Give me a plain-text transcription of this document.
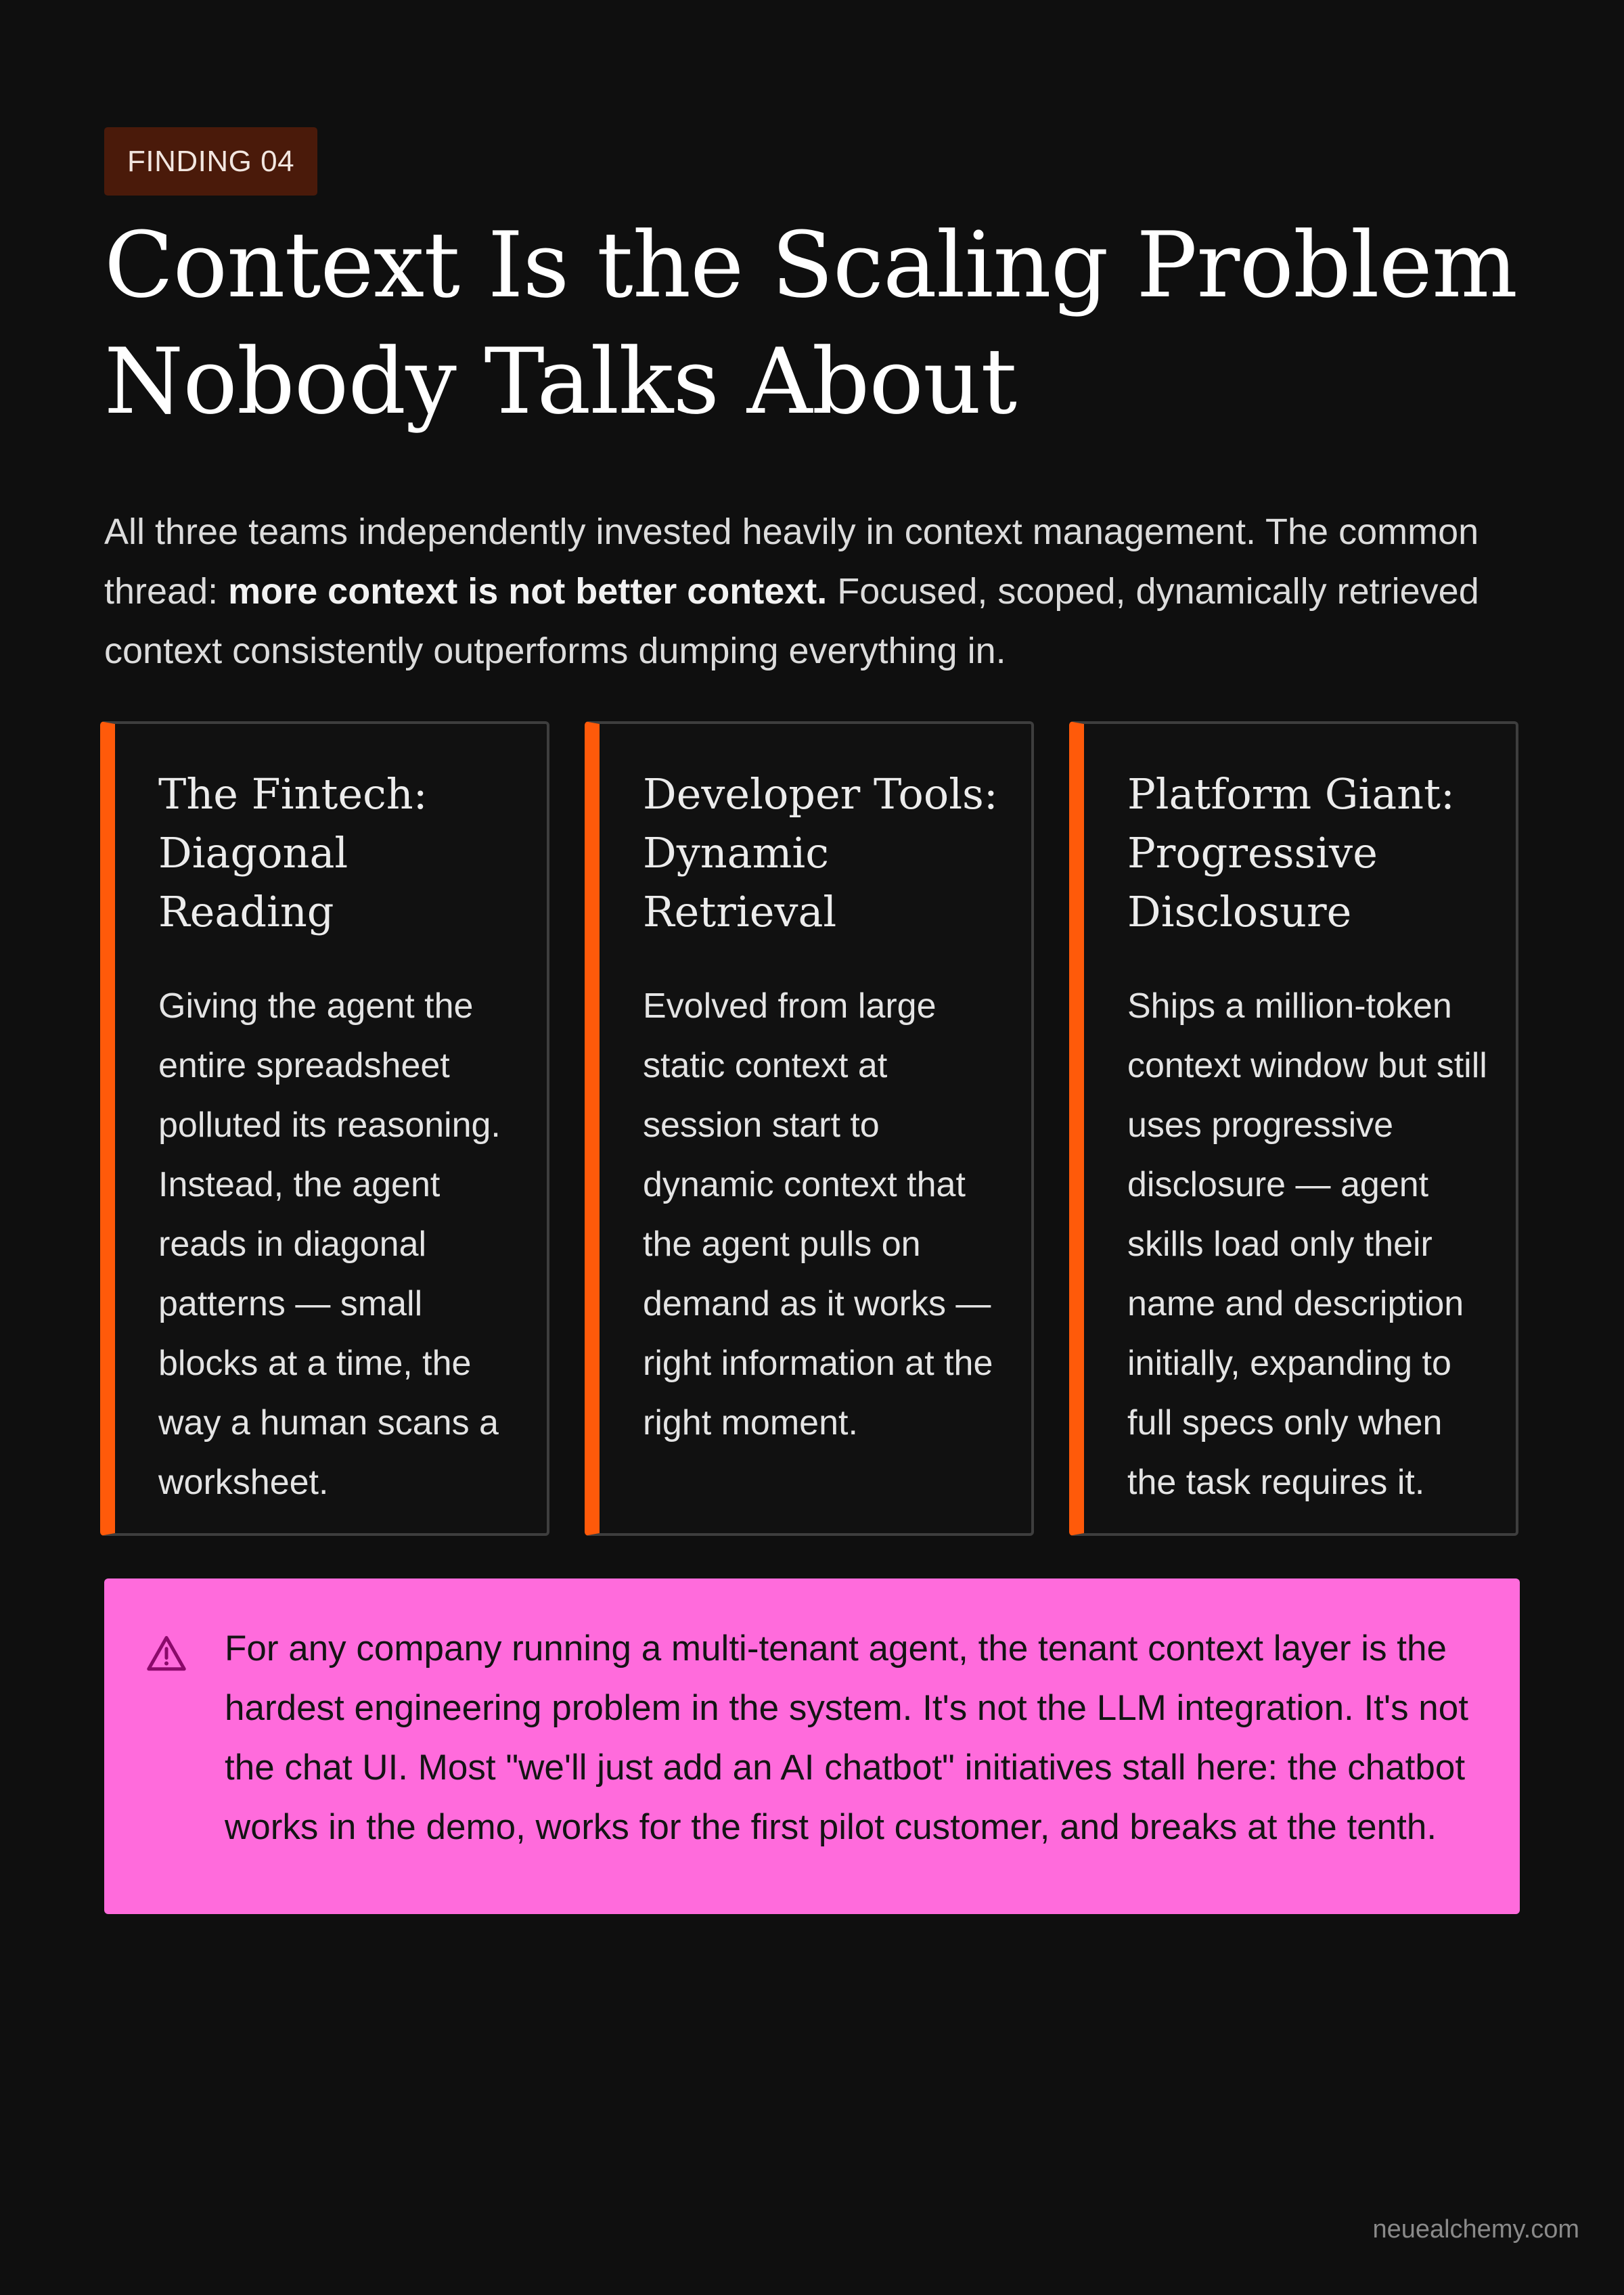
FINDING 04
Context Is the Scaling Problem
Nobody Talks About

All three teams independently invested heavily in context management. The common thread: more context is not better context. Focused, scoped, dynamically retrieved context consistently outperforms dumping everything in.

The Fintech: Diagonal Reading

Giving the agent the entire spreadsheet polluted its reasoning. Instead, the agent reads in diagonal patterns — small blocks at a time, the way a human scans a worksheet.

Developer Tools: Dynamic Retrieval

Evolved from large static context at session start to dynamic context that the agent pulls on demand as it works — right information at the right moment.

Platform Giant: Progressive Disclosure

Ships a million-token context window but still uses progressive disclosure — agent skills load only their name and description initially, expanding to full specs only when the task requires it.

For any company running a multi-tenant agent, the tenant context layer is the hardest engineering problem in the system. It's not the LLM integration. It's not the chat UI. Most "we'll just add an AI chatbot" initiatives stall here: the chatbot works in the demo, works for the first pilot customer, and breaks at the tenth.

neuealchemy.com
